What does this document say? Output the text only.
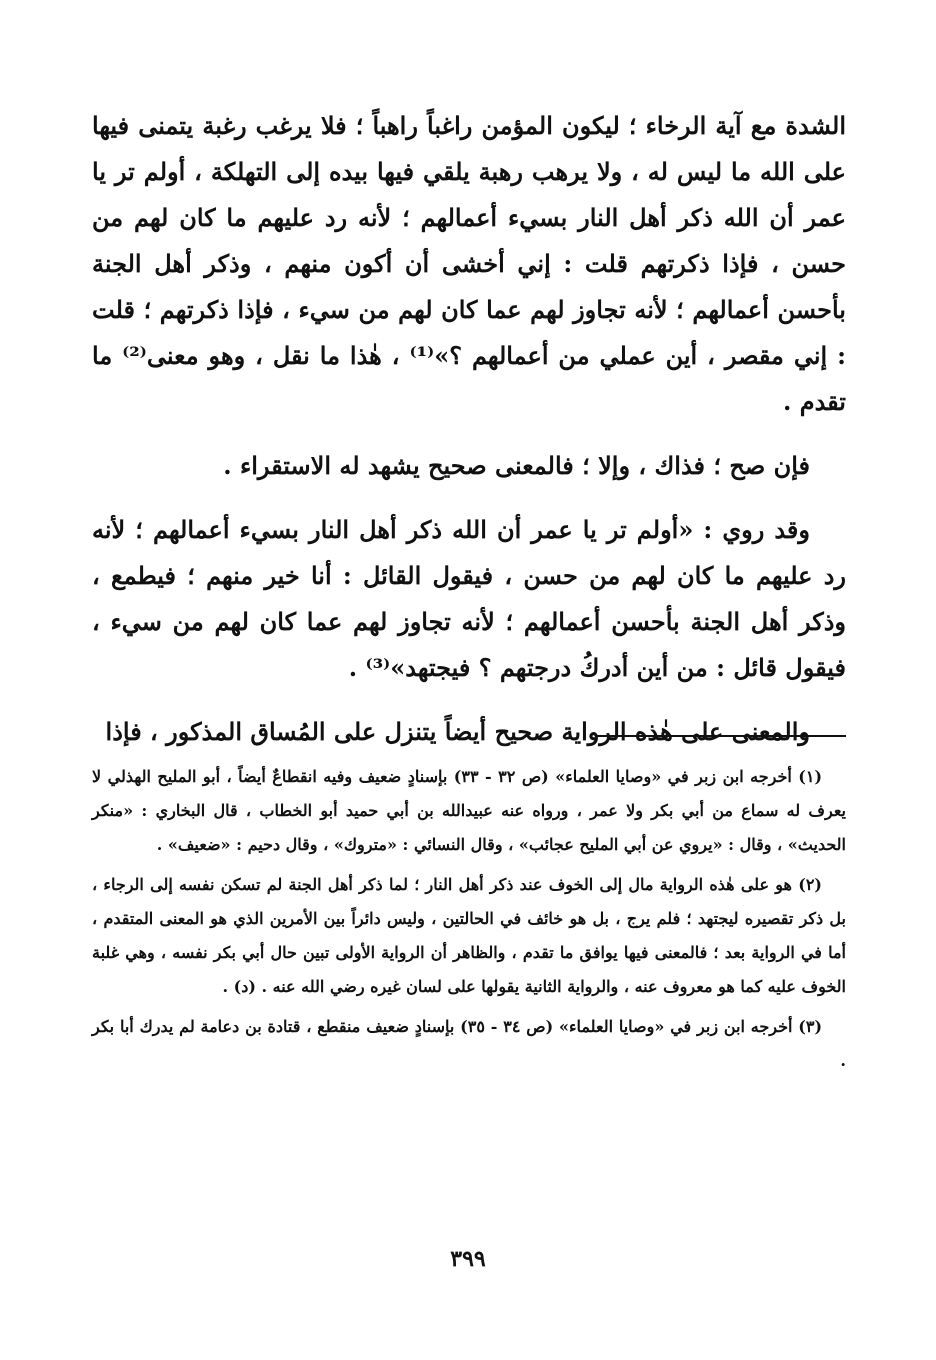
الشدة مع آية الرخاء ؛ ليكون المؤمن راغباً راهباً ؛ فلا يرغب رغبة يتمنى فيها على الله ما ليس له ، ولا يرهب رهبة يلقي فيها بيده إلى التهلكة ، أولم تر يا عمر أن الله ذكر أهل النار بسيء أعمالهم ؛ لأنه رد عليهم ما كان لهم من حسن ، فإذا ذكرتهم قلت : إني أخشى أن أكون منهم ، وذكر أهل الجنة بأحسن أعمالهم ؛ لأنه تجاوز لهم عما كان لهم من سيء ، فإذا ذكرتهم ؛ قلت : إني مقصر ، أين عملي من أعمالهم ؟»⁽¹⁾ ، هٰذا ما نقل ، وهو معنى⁽²⁾ ما تقدم .

فإن صح ؛ فذاك ، وإلا ؛ فالمعنى صحيح يشهد له الاستقراء .

وقد روي : «أولم تر يا عمر أن الله ذكر أهل النار بسيء أعمالهم ؛ لأنه رد عليهم ما كان لهم من حسن ، فيقول القائل : أنا خير منهم ؛ فيطمع ، وذكر أهل الجنة بأحسن أعمالهم ؛ لأنه تجاوز لهم عما كان لهم من سيء ، فيقول قائل : من أين أدركُ درجتهم ؟ فيجتهد»⁽³⁾ .

والمعنى على هٰذه الرواية صحيح أيضاً يتنزل على المُساق المذكور ، فإذا

(١) أخرجه ابن زبر في «وصايا العلماء» (ص ٣٢ - ٣٣) بإسنادٍ ضعيف وفيه انقطاعٌ أيضاً ، أبو المليح الهذلي لا يعرف له سماع من أبي بكر ولا عمر ، ورواه عنه عبيدالله بن أبي حميد أبو الخطاب ، قال البخاري : «منكر الحديث» ، وقال : «يروي عن أبي المليح عجائب» ، وقال النسائي : «متروك» ، وقال دحيم : «ضعيف» .

(٢) هو على هٰذه الرواية مال إلى الخوف عند ذكر أهل النار ؛ لما ذكر أهل الجنة لم تسكن نفسه إلى الرجاء ، بل ذكر تقصيره ليجتهد ؛ فلم يرج ، بل هو خائف في الحالتين ، وليس دائراً بين الأمرين الذي هو المعنى المتقدم ، أما في الرواية بعد ؛ فالمعنى فيها يوافق ما تقدم ، والظاهر أن الرواية الأولى تبين حال أبي بكر نفسه ، وهي غلبة الخوف عليه كما هو معروف عنه ، والرواية الثانية يقولها على لسان غيره رضي الله عنه . (د) .

(٣) أخرجه ابن زبر في «وصايا العلماء» (ص ٣٤ - ٣٥) بإسنادٍ ضعيف منقطع ، قتادة بن دعامة لم يدرك أبا بكر .

٣٩٩
